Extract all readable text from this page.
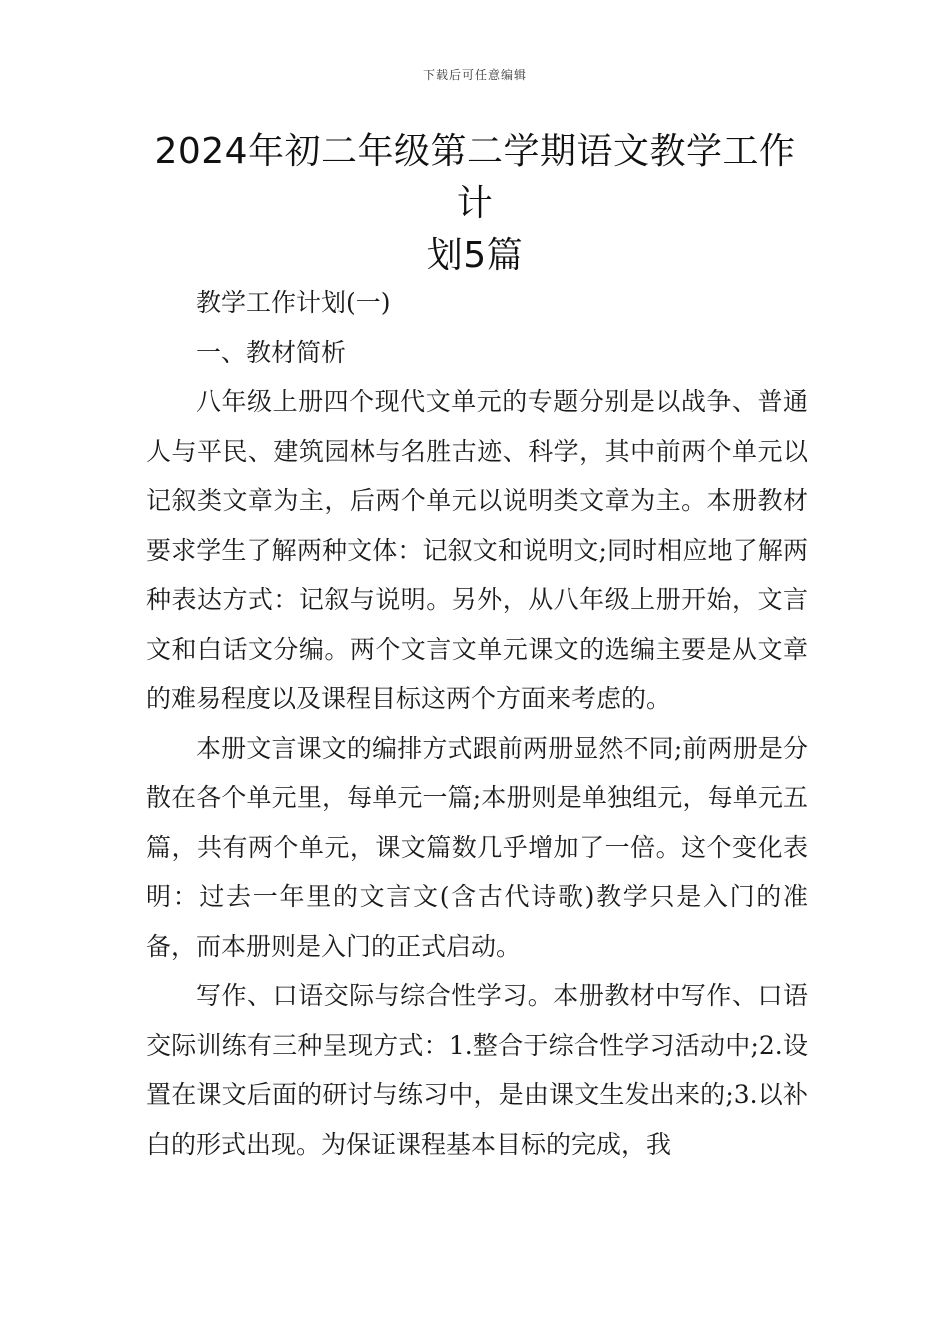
下载后可任意编辑
2024年初二年级第二学期语文教学工作计
划5篇

教学工作计划(一)

一、教材简析

八年级上册四个现代文单元的专题分别是以战争、普通人与平民、建筑园林与名胜古迹、科学，其中前两个单元以记叙类文章为主，后两个单元以说明类文章为主。本册教材要求学生了解两种文体：记叙文和说明文;同时相应地了解两种表达方式：记叙与说明。另外，从八年级上册开始，文言文和白话文分编。两个文言文单元课文的选编主要是从文章的难易程度以及课程目标这两个方面来考虑的。

本册文言课文的编排方式跟前两册显然不同;前两册是分散在各个单元里，每单元一篇;本册则是单独组元，每单元五篇，共有两个单元，课文篇数几乎增加了一倍。这个变化表明：过去一年里的文言文(含古代诗歌)教学只是入门的准备，而本册则是入门的正式启动。

写作、口语交际与综合性学习。本册教材中写作、口语交际训练有三种呈现方式：1.整合于综合性学习活动中;2.设置在课文后面的研讨与练习中，是由课文生发出来的;3.以补白的形式出现。为保证课程基本目标的完成，我
